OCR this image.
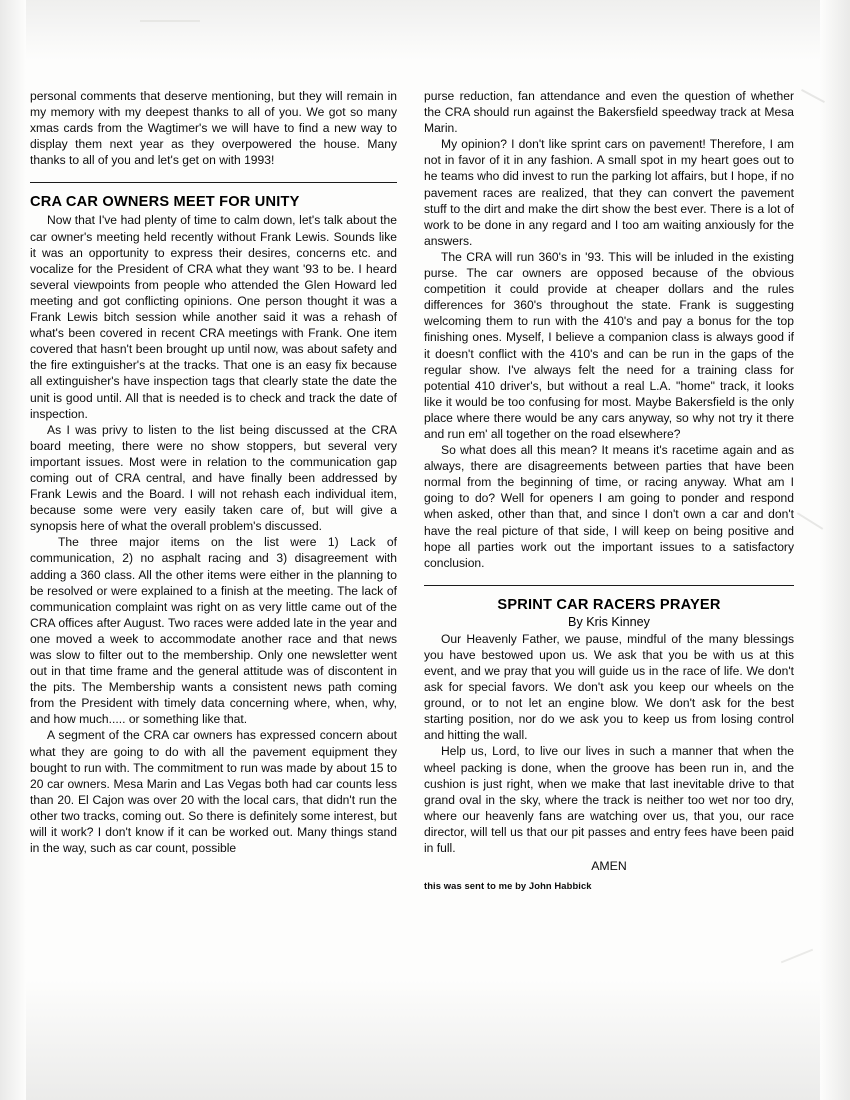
personal comments that deserve mentioning, but they will remain in my memory with my deepest thanks to all of you. We got so many xmas cards from the Wagtimer's we will have to find a new way to display them next year as they overpowered the house. Many thanks to all of you and let's get on with 1993!

CRA CAR OWNERS MEET FOR UNITY

Now that I've had plenty of time to calm down, let's talk about the car owner's meeting held recently without Frank Lewis. Sounds like it was an opportunity to express their desires, concerns etc. and vocalize for the President of CRA what they want '93 to be. I heard several viewpoints from people who attended the Glen Howard led meeting and got conflicting opinions. One person thought it was a Frank Lewis bitch session while another said it was a rehash of what's been covered in recent CRA meetings with Frank. One item covered that hasn't been brought up until now, was about safety and the fire extinguisher's at the tracks. That one is an easy fix because all extinguisher's have inspection tags that clearly state the date the unit is good until. All that is needed is to check and track the date of inspection.

As I was privy to listen to the list being discussed at the CRA board meeting, there were no show stoppers, but several very important issues. Most were in relation to the communication gap coming out of CRA central, and have finally been addressed by Frank Lewis and the Board. I will not rehash each individual item, because some were very easily taken care of, but will give a synopsis here of what the overall problem's discussed.

The three major items on the list were 1) Lack of communication, 2) no asphalt racing and 3) disagreement with adding a 360 class. All the other items were either in the planning to be resolved or were explained to a finish at the meeting. The lack of communication complaint was right on as very little came out of the CRA offices after August. Two races were added late in the year and one moved a week to accommodate another race and that news was slow to filter out to the membership. Only one newsletter went out in that time frame and the general attitude was of discontent in the pits. The Membership wants a consistent news path coming from the President with timely data concerning where, when, why, and how much..... or something like that.

A segment of the CRA car owners has expressed concern about what they are going to do with all the pavement equipment they bought to run with. The commitment to run was made by about 15 to 20 car owners. Mesa Marin and Las Vegas both had car counts less than 20. El Cajon was over 20 with the local cars, that didn't run the other two tracks, coming out. So there is definitely some interest, but will it work? I don't know if it can be worked out. Many things stand in the way, such as car count, possible

purse reduction, fan attendance and even the question of whether the CRA should run against the Bakersfield speedway track at Mesa Marin.

My opinion? I don't like sprint cars on pavement! Therefore, I am not in favor of it in any fashion. A small spot in my heart goes out to he teams who did invest to run the parking lot affairs, but I hope, if no pavement races are realized, that they can convert the pavement stuff to the dirt and make the dirt show the best ever. There is a lot of work to be done in any regard and I too am waiting anxiously for the answers.

The CRA will run 360's in '93. This will be inluded in the existing purse. The car owners are opposed because of the obvious competition it could provide at cheaper dollars and the rules differences for 360's throughout the state. Frank is suggesting welcoming them to run with the 410's and pay a bonus for the top finishing ones. Myself, I believe a companion class is always good if it doesn't conflict with the 410's and can be run in the gaps of the regular show. I've always felt the need for a training class for potential 410 driver's, but without a real L.A. "home" track, it looks like it would be too confusing for most. Maybe Bakersfield is the only place where there would be any cars anyway, so why not try it there and run em' all together on the road elsewhere?

So what does all this mean? It means it's racetime again and as always, there are disagreements between parties that have been normal from the beginning of time, or racing anyway. What am I going to do? Well for openers I am going to ponder and respond when asked, other than that, and since I don't own a car and don't have the real picture of that side, I will keep on being positive and hope all parties work out the important issues to a satisfactory conclusion.

SPRINT CAR RACERS PRAYER
By Kris Kinney

Our Heavenly Father, we pause, mindful of the many blessings you have bestowed upon us. We ask that you be with us at this event, and we pray that you will guide us in the race of life. We don't ask for special favors. We don't ask you keep our wheels on the ground, or to not let an engine blow. We don't ask for the best starting position, nor do we ask you to keep us from losing control and hitting the wall.

Help us, Lord, to live our lives in such a manner that when the wheel packing is done, when the groove has been run in, and the cushion is just right, when we make that last inevitable drive to that grand oval in the sky, where the track is neither too wet nor too dry, where our heavenly fans are watching over us, that you, our race director, will tell us that our pit passes and entry fees have been paid in full.

AMEN

this was sent to me by John Habbick
